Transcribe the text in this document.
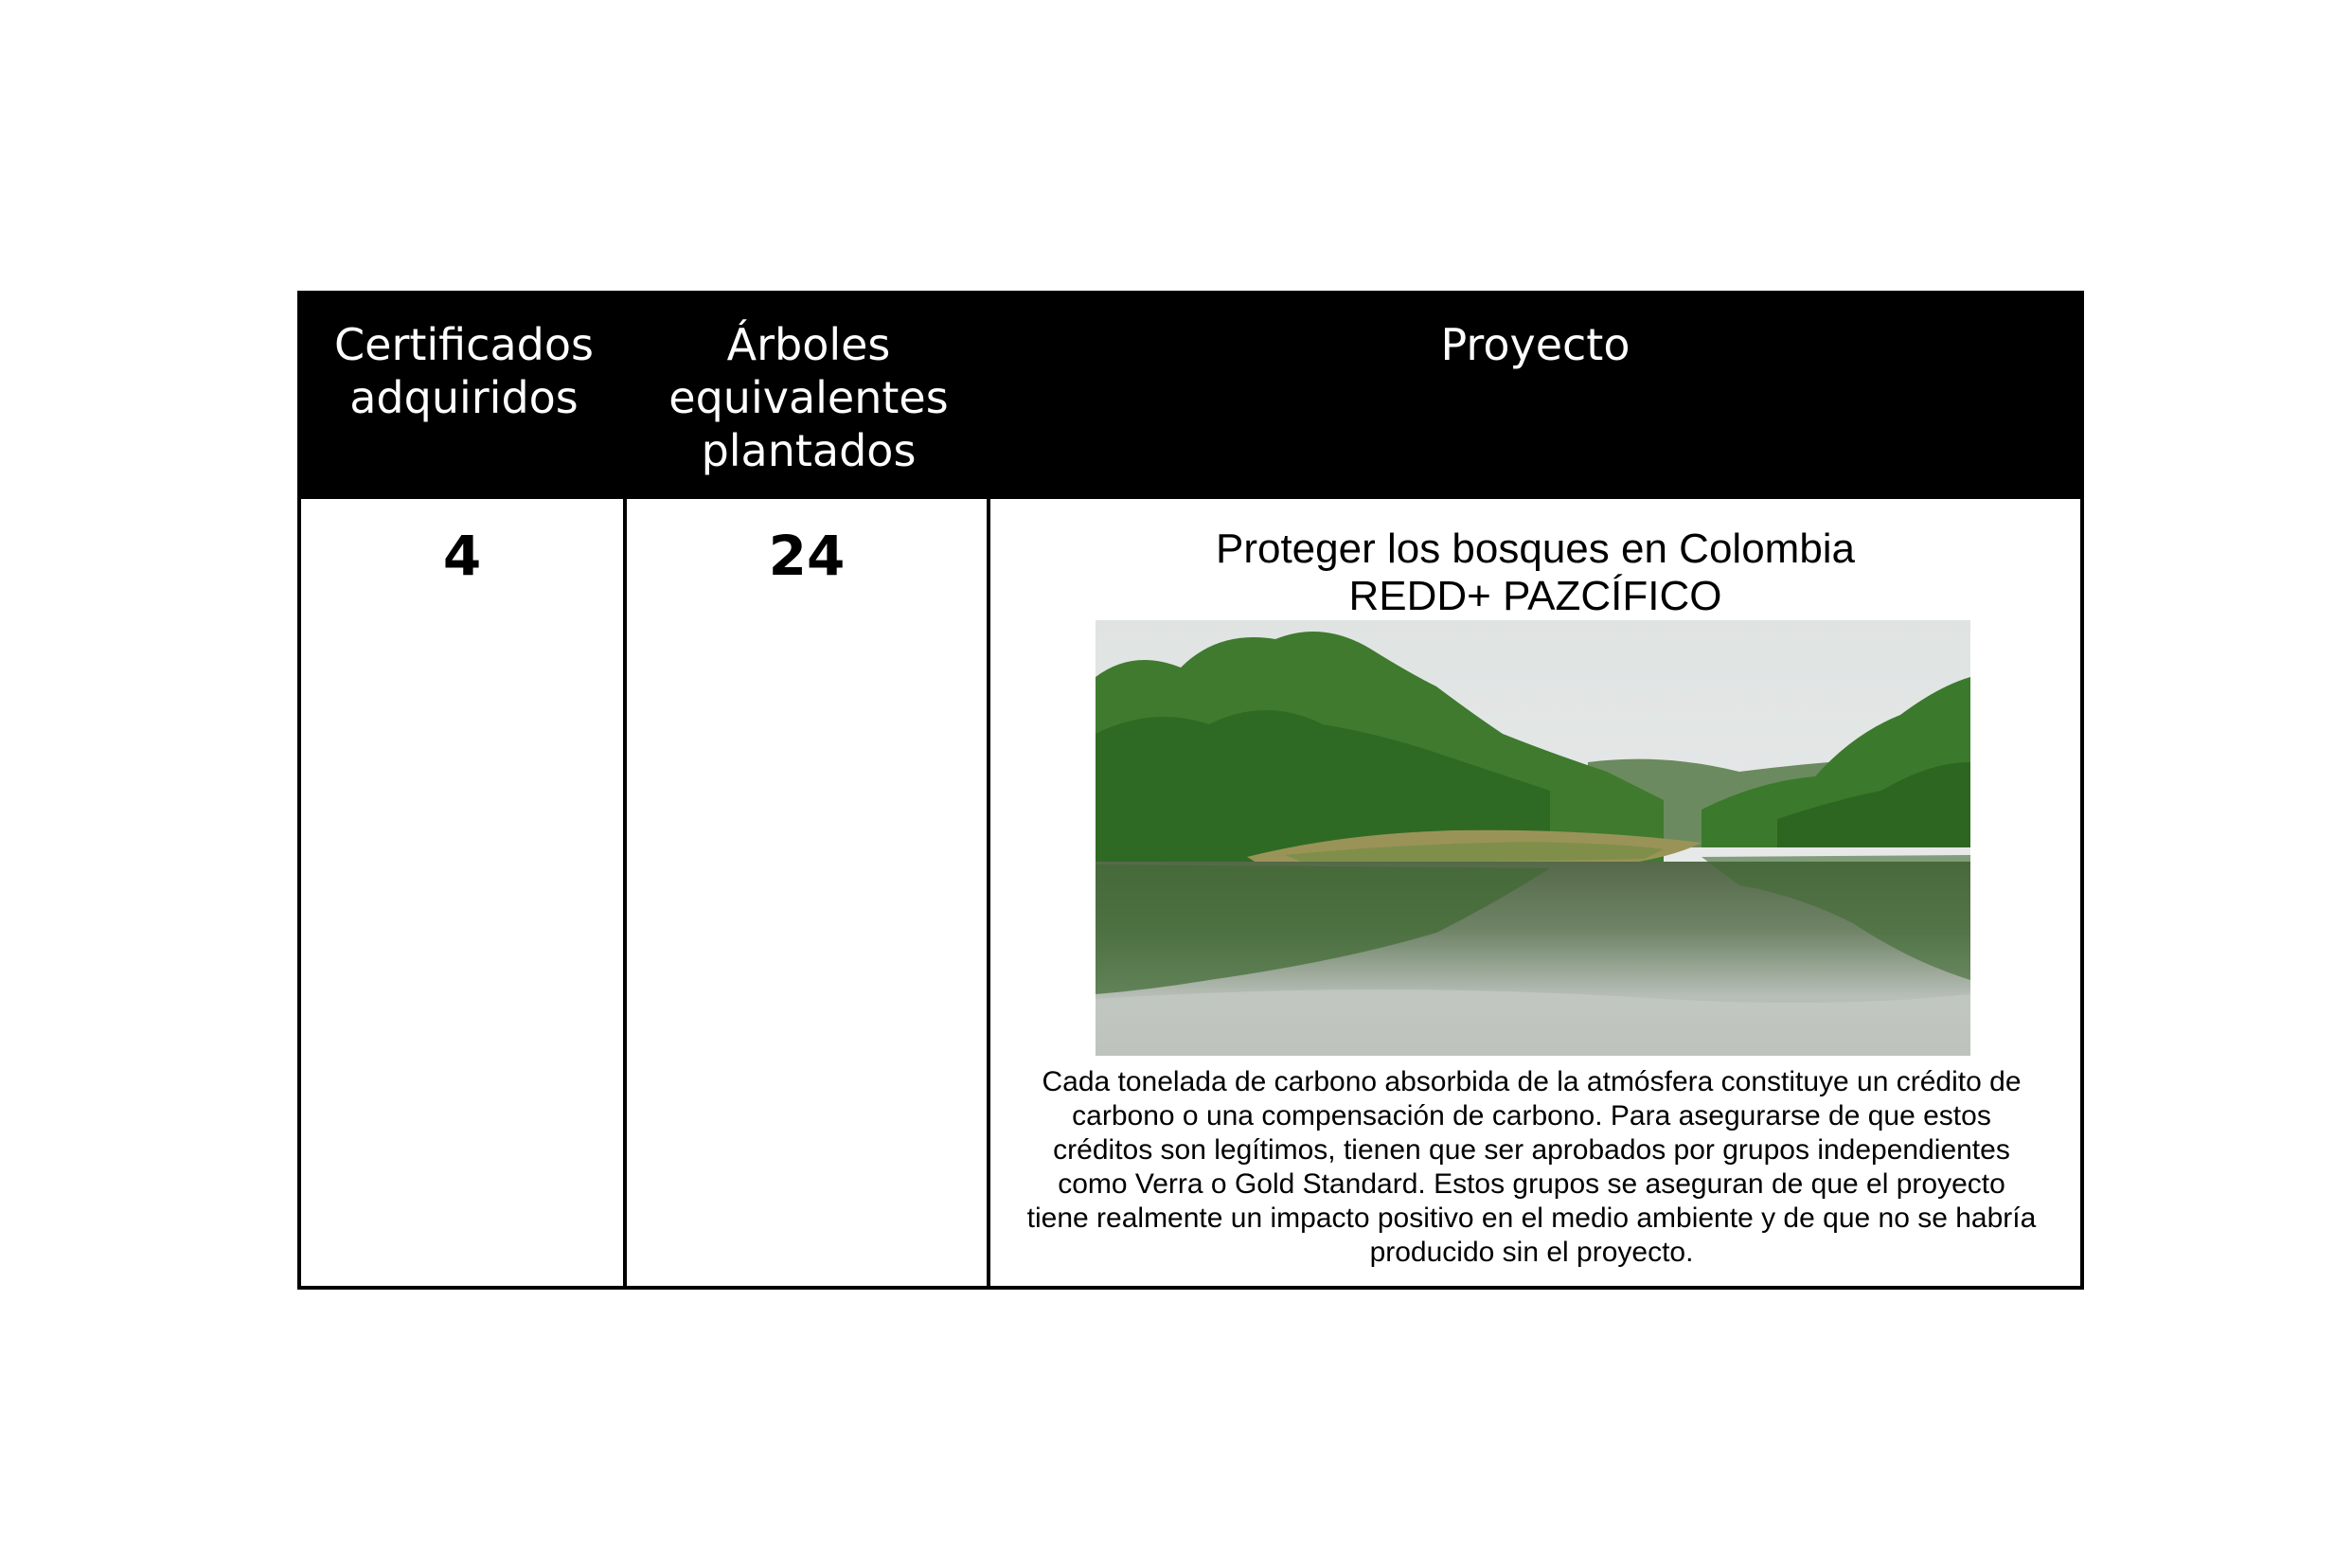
Certificados
adquiridos
Árboles
equivalentes
plantados
Proyecto
4	24	Proteger los bosques en Colombia
REDD+ PAZCÍFICO
Cada tonelada de carbono absorbida de la atmósfera constituye un crédito de
carbono o una compensación de carbono. Para asegurarse de que estos
créditos son legítimos, tienen que ser aprobados por grupos independientes
como Verra o Gold Standard. Estos grupos se aseguran de que el proyecto
tiene realmente un impacto positivo en el medio ambiente y de que no se habría
producido sin el proyecto.
